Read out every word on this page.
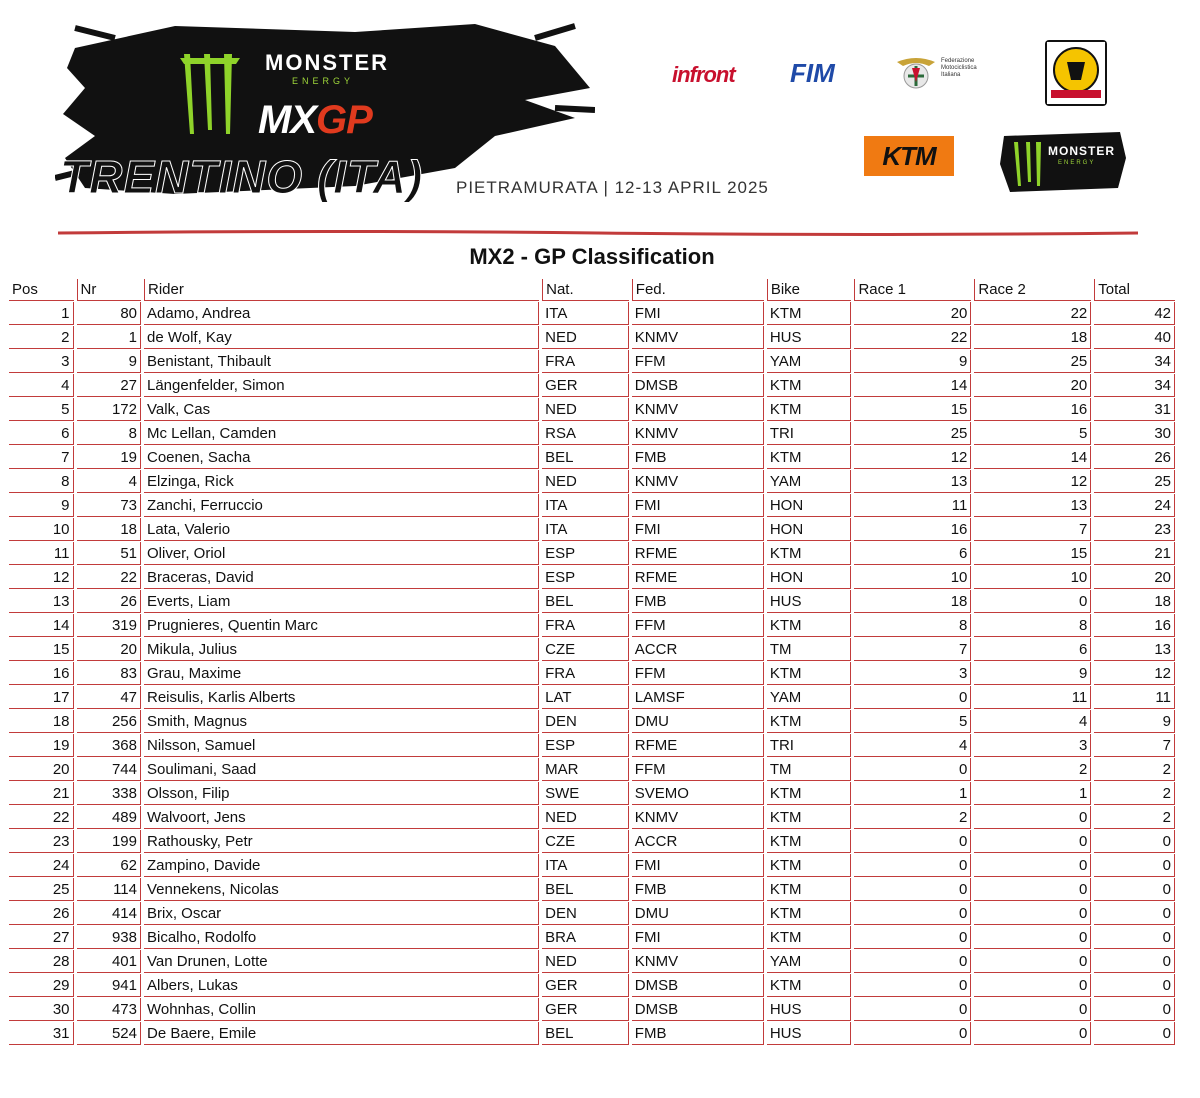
MONSTER
ENERGY
MXGP
TRENTINO (ITA) PIETRAMURATA | 12-13 APRIL 2025
infront FIM	Federazione Motociclistica Italiana
KTM	MONSTER
ENERGY
MX2 - GP Classification
Pos	Nr	Rider	Nat.	Fed.	Bike	Race 1	Race 2	Total
1	80	Adamo, Andrea	ITA	FMI	KTM	20	22	42
2	1	de Wolf, Kay	NED	KNMV	HUS	22	18	40
3	9	Benistant, Thibault	FRA	FFM	YAM	9	25	34
4	27	Längenfelder, Simon	GER	DMSB	KTM	14	20	34
5	172	Valk, Cas	NED	KNMV	KTM	15	16	31
6	8	Mc Lellan, Camden	RSA	KNMV	TRI	25	5	30
7	19	Coenen, Sacha	BEL	FMB	KTM	12	14	26
8	4	Elzinga, Rick	NED	KNMV	YAM	13	12	25
9	73	Zanchi, Ferruccio	ITA	FMI	HON	11	13	24
10	18	Lata, Valerio	ITA	FMI	HON	16	7	23
11	51	Oliver, Oriol	ESP	RFME	KTM	6	15	21
12	22	Braceras, David	ESP	RFME	HON	10	10	20
13	26	Everts, Liam	BEL	FMB	HUS	18	0	18
14	319	Prugnieres, Quentin Marc	FRA	FFM	KTM	8	8	16
15	20	Mikula, Julius	CZE	ACCR	TM	7	6	13
16	83	Grau, Maxime	FRA	FFM	KTM	3	9	12
17	47	Reisulis, Karlis Alberts	LAT	LAMSF	YAM	0	11	11
18	256	Smith, Magnus	DEN	DMU	KTM	5	4	9
19	368	Nilsson, Samuel	ESP	RFME	TRI	4	3	7
20	744	Soulimani, Saad	MAR	FFM	TM	0	2	2
21	338	Olsson, Filip	SWE	SVEMO	KTM	1	1	2
22	489	Walvoort, Jens	NED	KNMV	KTM	2	0	2
23	199	Rathousky, Petr	CZE	ACCR	KTM	0	0	0
24	62	Zampino, Davide	ITA	FMI	KTM	0	0	0
25	114	Vennekens, Nicolas	BEL	FMB	KTM	0	0	0
26	414	Brix, Oscar	DEN	DMU	KTM	0	0	0
27	938	Bicalho, Rodolfo	BRA	FMI	KTM	0	0	0
28	401	Van Drunen, Lotte	NED	KNMV	YAM	0	0	0
29	941	Albers, Lukas	GER	DMSB	KTM	0	0	0
30	473	Wohnhas, Collin	GER	DMSB	HUS	0	0	0
31	524	De Baere, Emile	BEL	FMB	HUS	0	0	0
